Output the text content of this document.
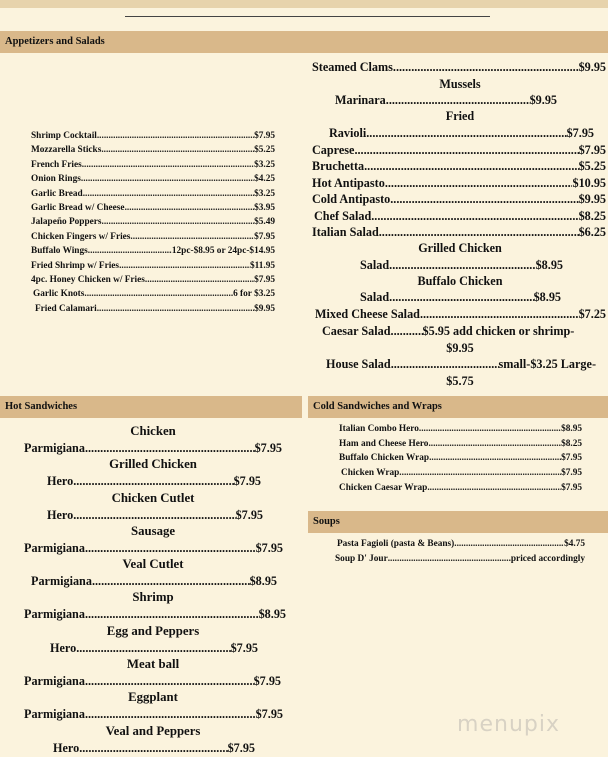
Appetizers and Salads
Hot Sandwiches	Cold Sandwiches and Wraps
Soups
Shrimp Cocktail .....	$7.95
Mozzarella Sticks .....	$5.25
French Fries .....	$3.25
Onion Rings .....	$4.25
Garlic Bread .....	$3.25
Garlic Bread w/ Cheese .....	$3.95
Jalapeño Poppers .....	$5.49
Chicken Fingers w/ Fries .....	$7.95
Buffalo Wings .....	12pc-$8.95 or 24pc-$14.95
Fried Shrimp w/ Fries .....	$11.95
4pc. Honey Chicken w/ Fries .....	$7.95
Garlic Knots .....	6 for $3.25
Fried Calamari .....	$9.95
Steamed Clams .....	$9.95
Mussels
Marinara .....	$9.95
Fried
Ravioli .....	$7.95
Caprese .....	$7.95
Bruchetta .....	$5.25
Hot Antipasto .....	$10.95
Cold Antipasto .....	$9.95
Chef Salad .....	$8.25
Italian Salad .....	$6.25
Grilled Chicken
Salad .....	$8.95
Buffalo Chicken
Salad .....	$8.95
Mixed Cheese Salad .....	$7.25
Caesar Salad .....	$5.95 add chicken or shrimp-
$9.95
House Salad .....	small-$3.25 Large-
$5.75
Chicken
Parmigiana .....	$7.95
Grilled Chicken
Hero .....	$7.95
Chicken Cutlet
Hero .....	$7.95
Sausage
Parmigiana .....	$7.95
Veal Cutlet
Parmigiana .....	$8.95
Shrimp
Parmigiana .....	$8.95
Egg and Peppers
Hero .....	$7.95
Meat ball
Parmigiana .....	$7.95
Eggplant
Parmigiana .....	$7.95
Veal and Peppers
Hero .....	$7.95
Italian Combo Hero .....	$8.95
Ham and Cheese Hero .....	$8.25
Buffalo Chicken Wrap .....	$7.95
Chicken Wrap .....	$7.95
Chicken Caesar Wrap .....	$7.95
Pasta Fagioli (pasta & Beans) .....	$4.75
Soup D' Jour .....	priced accordingly
menupix
